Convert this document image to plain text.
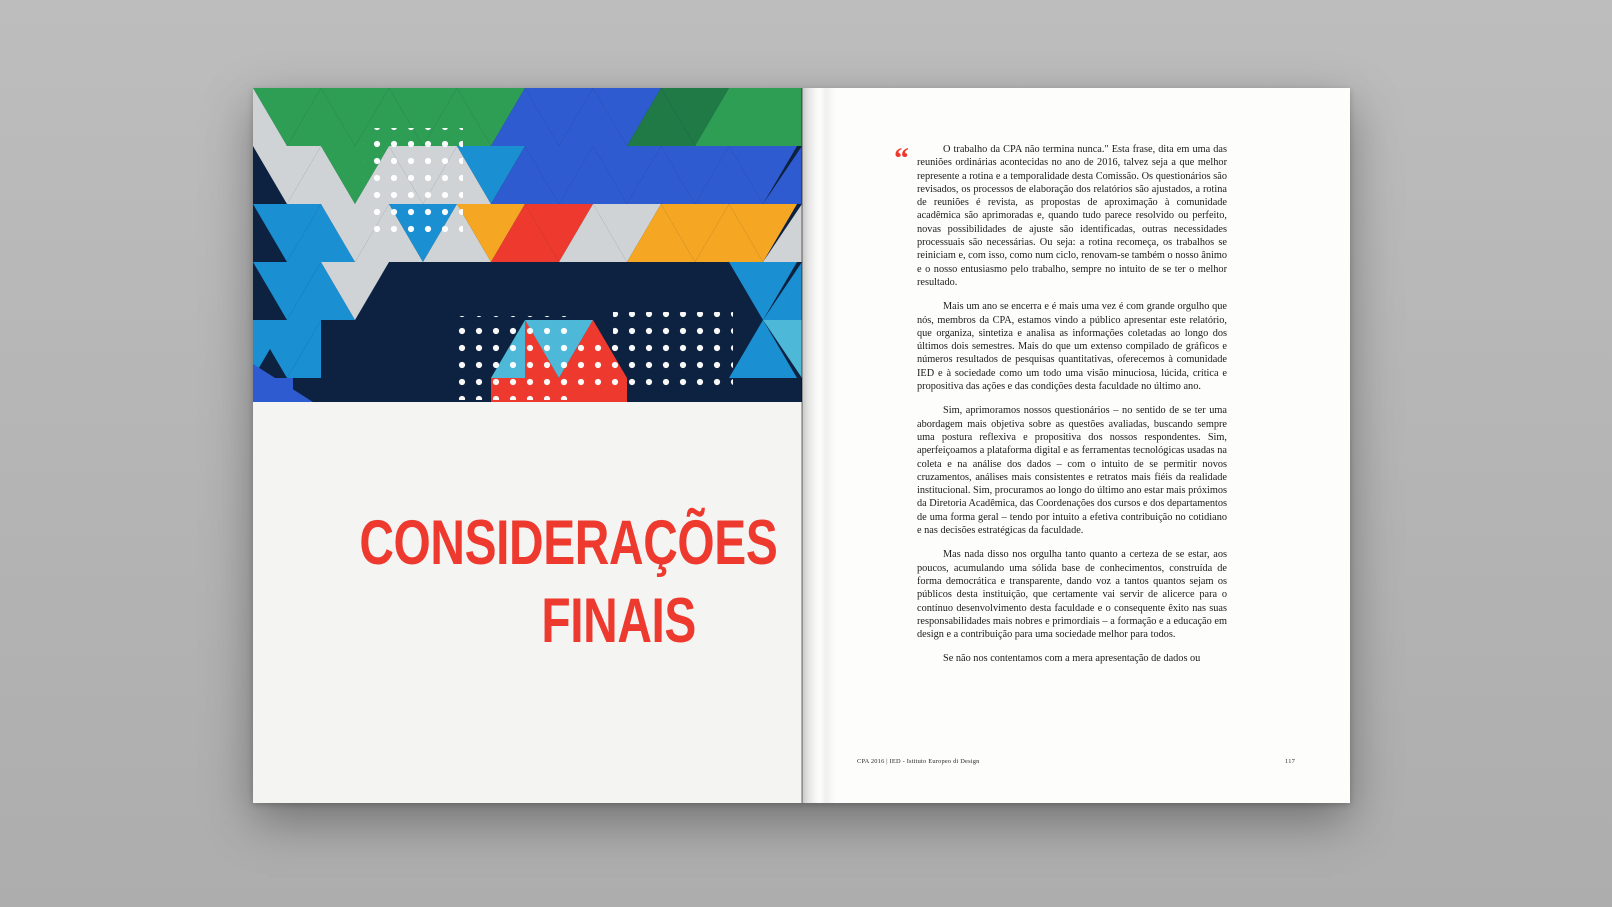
CONSIDERAÇÕES
FINAIS
“	O trabalho da CPA não termina nunca." Esta frase, dita em uma das reuniões ordinárias acontecidas no ano de 2016, talvez seja a que melhor represente a rotina e a temporalidade desta Comissão. Os questionários são revisados, os processos de elaboração dos relatórios são ajustados, a rotina de reuniões é revista, as propostas de aproximação à comunidade acadêmica são aprimoradas e, quando tudo parece resolvido ou perfeito, novas possibilidades de ajuste são identificadas, outras necessidades processuais são necessárias. Ou seja: a rotina recomeça, os trabalhos se reiniciam e, com isso, como num ciclo, renovam-se também o nosso ânimo e o nosso entusiasmo pelo trabalho, sempre no intuito de se ter o melhor resultado.

Mais um ano se encerra e é mais uma vez é com grande orgulho que nós, membros da CPA, estamos vindo a público apresentar este relatório, que organiza, sintetiza e analisa as informações coletadas ao longo dos últimos dois semestres. Mais do que um extenso compilado de gráficos e números resultados de pesquisas quantitativas, oferecemos à comunidade IED e à sociedade como um todo uma visão minuciosa, lúcida, crítica e propositiva das ações e das condições desta faculdade no último ano.

Sim, aprimoramos nossos questionários – no sentido de se ter uma abordagem mais objetiva sobre as questões avaliadas, buscando sempre uma postura reflexiva e propositiva dos nossos respondentes. Sim, aperfeiçoamos a plataforma digital e as ferramentas tecnológicas usadas na coleta e na análise dos dados – com o intuito de se permitir novos cruzamentos, análises mais consistentes e retratos mais fiéis da realidade institucional. Sim, procuramos ao longo do último ano estar mais próximos da Diretoria Acadêmica, das Coordenações dos cursos e dos departamentos de uma forma geral – tendo por intuito a efetiva contribuição no cotidiano e nas decisões estratégicas da faculdade.

Mas nada disso nos orgulha tanto quanto a certeza de se estar, aos poucos, acumulando uma sólida base de conhecimentos, construída de forma democrática e transparente, dando voz a tantos quantos sejam os públicos desta instituição, que certamente vai servir de alicerce para o contínuo desenvolvimento desta faculdade e o consequente êxito nas suas responsabilidades mais nobres e primordiais – a formação e a educação em design e a contribuição para uma sociedade melhor para todos.

Se não nos contentamos com a mera apresentação de dados ou

CPA 2016 | IED - Istituto Europeo di Design	117
